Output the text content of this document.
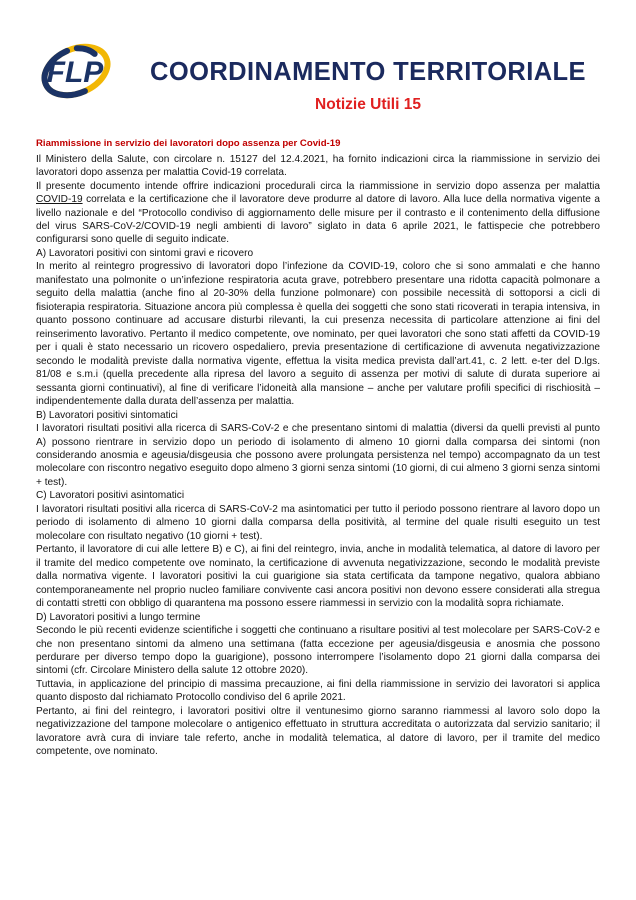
FLP	COORDINAMENTO TERRITORIALE
Notizie Utili 15
Riammissione in servizio dei lavoratori dopo assenza per Covid-19

Il Ministero della Salute, con circolare n. 15127 del 12.4.2021, ha fornito indicazioni circa la riammissione in servizio dei lavoratori dopo assenza per malattia Covid-19 correlata.

Il presente documento intende offrire indicazioni procedurali circa la riammissione in servizio dopo assenza per malattia COVID-19 correlata e la certificazione che il lavoratore deve produrre al datore di lavoro. Alla luce della normativa vigente a livello nazionale e del “Protocollo condiviso di aggiornamento delle misure per il contrasto e il contenimento della diffusione del virus SARS-CoV-2/COVID-19 negli ambienti di lavoro” siglato in data 6 aprile 2021, le fattispecie che potrebbero configurarsi sono quelle di seguito indicate.

A) Lavoratori positivi con sintomi gravi e ricovero

In merito al reintegro progressivo di lavoratori dopo l’infezione da COVID-19, coloro che si sono ammalati e che hanno manifestato una polmonite o un’infezione respiratoria acuta grave, potrebbero presentare una ridotta capacità polmonare a seguito della malattia (anche fino al 20-30% della funzione polmonare) con possibile necessità di sottoporsi a cicli di fisioterapia respiratoria. Situazione ancora più complessa è quella dei soggetti che sono stati ricoverati in terapia intensiva, in quanto possono continuare ad accusare disturbi rilevanti, la cui presenza necessita di particolare attenzione ai fini del reinserimento lavorativo. Pertanto il medico competente, ove nominato, per quei lavoratori che sono stati affetti da COVID-19 per i quali è stato necessario un ricovero ospedaliero, previa presentazione di certificazione di avvenuta negativizzazione secondo le modalità previste dalla normativa vigente, effettua la visita medica prevista dall’art.41, c. 2 lett. e-ter del D.lgs. 81/08 e s.m.i (quella precedente alla ripresa del lavoro a seguito di assenza per motivi di salute di durata superiore ai sessanta giorni continuativi), al fine di verificare l’idoneità alla mansione – anche per valutare profili specifici di rischiosità – indipendentemente dalla durata dell’assenza per malattia.

B) Lavoratori positivi sintomatici

I lavoratori risultati positivi alla ricerca di SARS-CoV-2 e che presentano sintomi di malattia (diversi da quelli previsti al punto A) possono rientrare in servizio dopo un periodo di isolamento di almeno 10 giorni dalla comparsa dei sintomi (non considerando anosmia e ageusia/disgeusia che possono avere prolungata persistenza nel tempo) accompagnato da un test molecolare con riscontro negativo eseguito dopo almeno 3 giorni senza sintomi (10 giorni, di cui almeno 3 giorni senza sintomi + test).

C) Lavoratori positivi asintomatici

I lavoratori risultati positivi alla ricerca di SARS-CoV-2 ma asintomatici per tutto il periodo possono rientrare al lavoro dopo un periodo di isolamento di almeno 10 giorni dalla comparsa della positività, al termine del quale risulti eseguito un test molecolare con risultato negativo (10 giorni + test).

Pertanto, il lavoratore di cui alle lettere B) e C), ai fini del reintegro, invia, anche in modalità telematica, al datore di lavoro per il tramite del medico competente ove nominato, la certificazione di avvenuta negativizzazione, secondo le modalità previste dalla normativa vigente. I lavoratori positivi la cui guarigione sia stata certificata da tampone negativo, qualora abbiano contemporaneamente nel proprio nucleo familiare convivente casi ancora positivi non devono essere considerati alla stregua di contatti stretti con obbligo di quarantena ma possono essere riammessi in servizio con la modalità sopra richiamate.

D) Lavoratori positivi a lungo termine

Secondo le più recenti evidenze scientifiche i soggetti che continuano a risultare positivi al test molecolare per SARS-CoV-2 e che non presentano sintomi da almeno una settimana (fatta eccezione per ageusia/disgeusia e anosmia che possono perdurare per diverso tempo dopo la guarigione), possono interrompere l’isolamento dopo 21 giorni dalla comparsa dei sintomi (cfr. Circolare Ministero della salute 12 ottobre 2020).

Tuttavia, in applicazione del principio di massima precauzione, ai fini della riammissione in servizio dei lavoratori si applica quanto disposto dal richiamato Protocollo condiviso del 6 aprile 2021.

Pertanto, ai fini del reintegro, i lavoratori positivi oltre il ventunesimo giorno saranno riammessi al lavoro solo dopo la negativizzazione del tampone molecolare o antigenico effettuato in struttura accreditata o autorizzata dal servizio sanitario; il lavoratore avrà cura di inviare tale referto, anche in modalità telematica, al datore di lavoro, per il tramite del medico competente, ove nominato.
